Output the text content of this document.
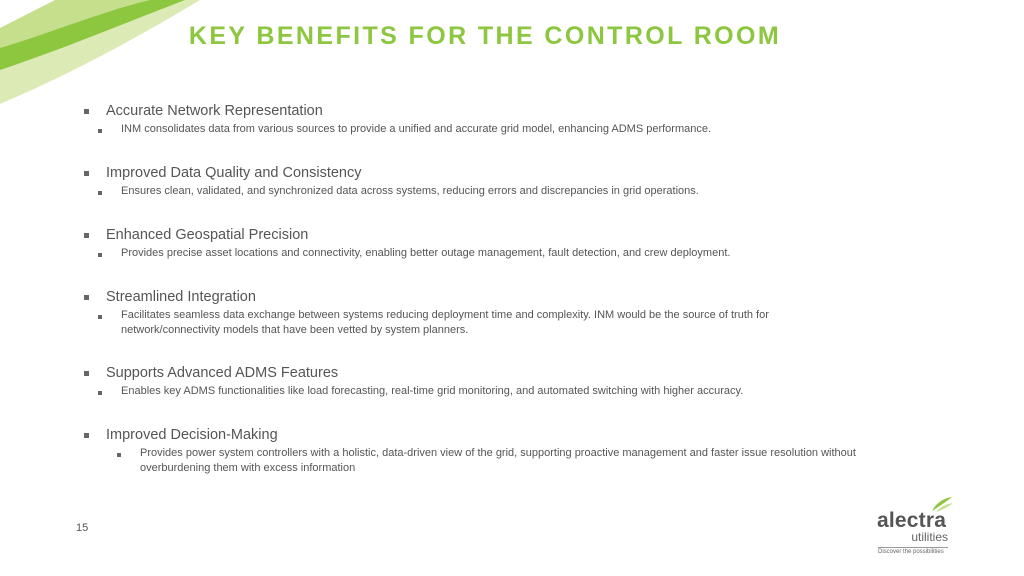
KEY BENEFITS FOR THE CONTROL ROOM
Accurate Network Representation
INM consolidates data from various sources to provide a unified and accurate grid model, enhancing ADMS performance.
Improved Data Quality and Consistency
Ensures clean, validated, and synchronized data across systems, reducing errors and discrepancies in grid operations.
Enhanced Geospatial Precision
Provides precise asset locations and connectivity, enabling better outage management, fault detection, and crew deployment.
Streamlined Integration
Facilitates seamless data exchange between systems reducing deployment time and complexity. INM would be the source of truth for
network/connectivity models that have been vetted by system planners.
Supports Advanced ADMS Features
Enables key ADMS functionalities like load forecasting, real-time grid monitoring, and automated switching with higher accuracy.
Improved Decision-Making
Provides power system controllers with a holistic, data-driven view of the grid, supporting proactive management and faster issue resolution without
overburdening them with excess information
15	alectra
utilities
Discover the possibilities
